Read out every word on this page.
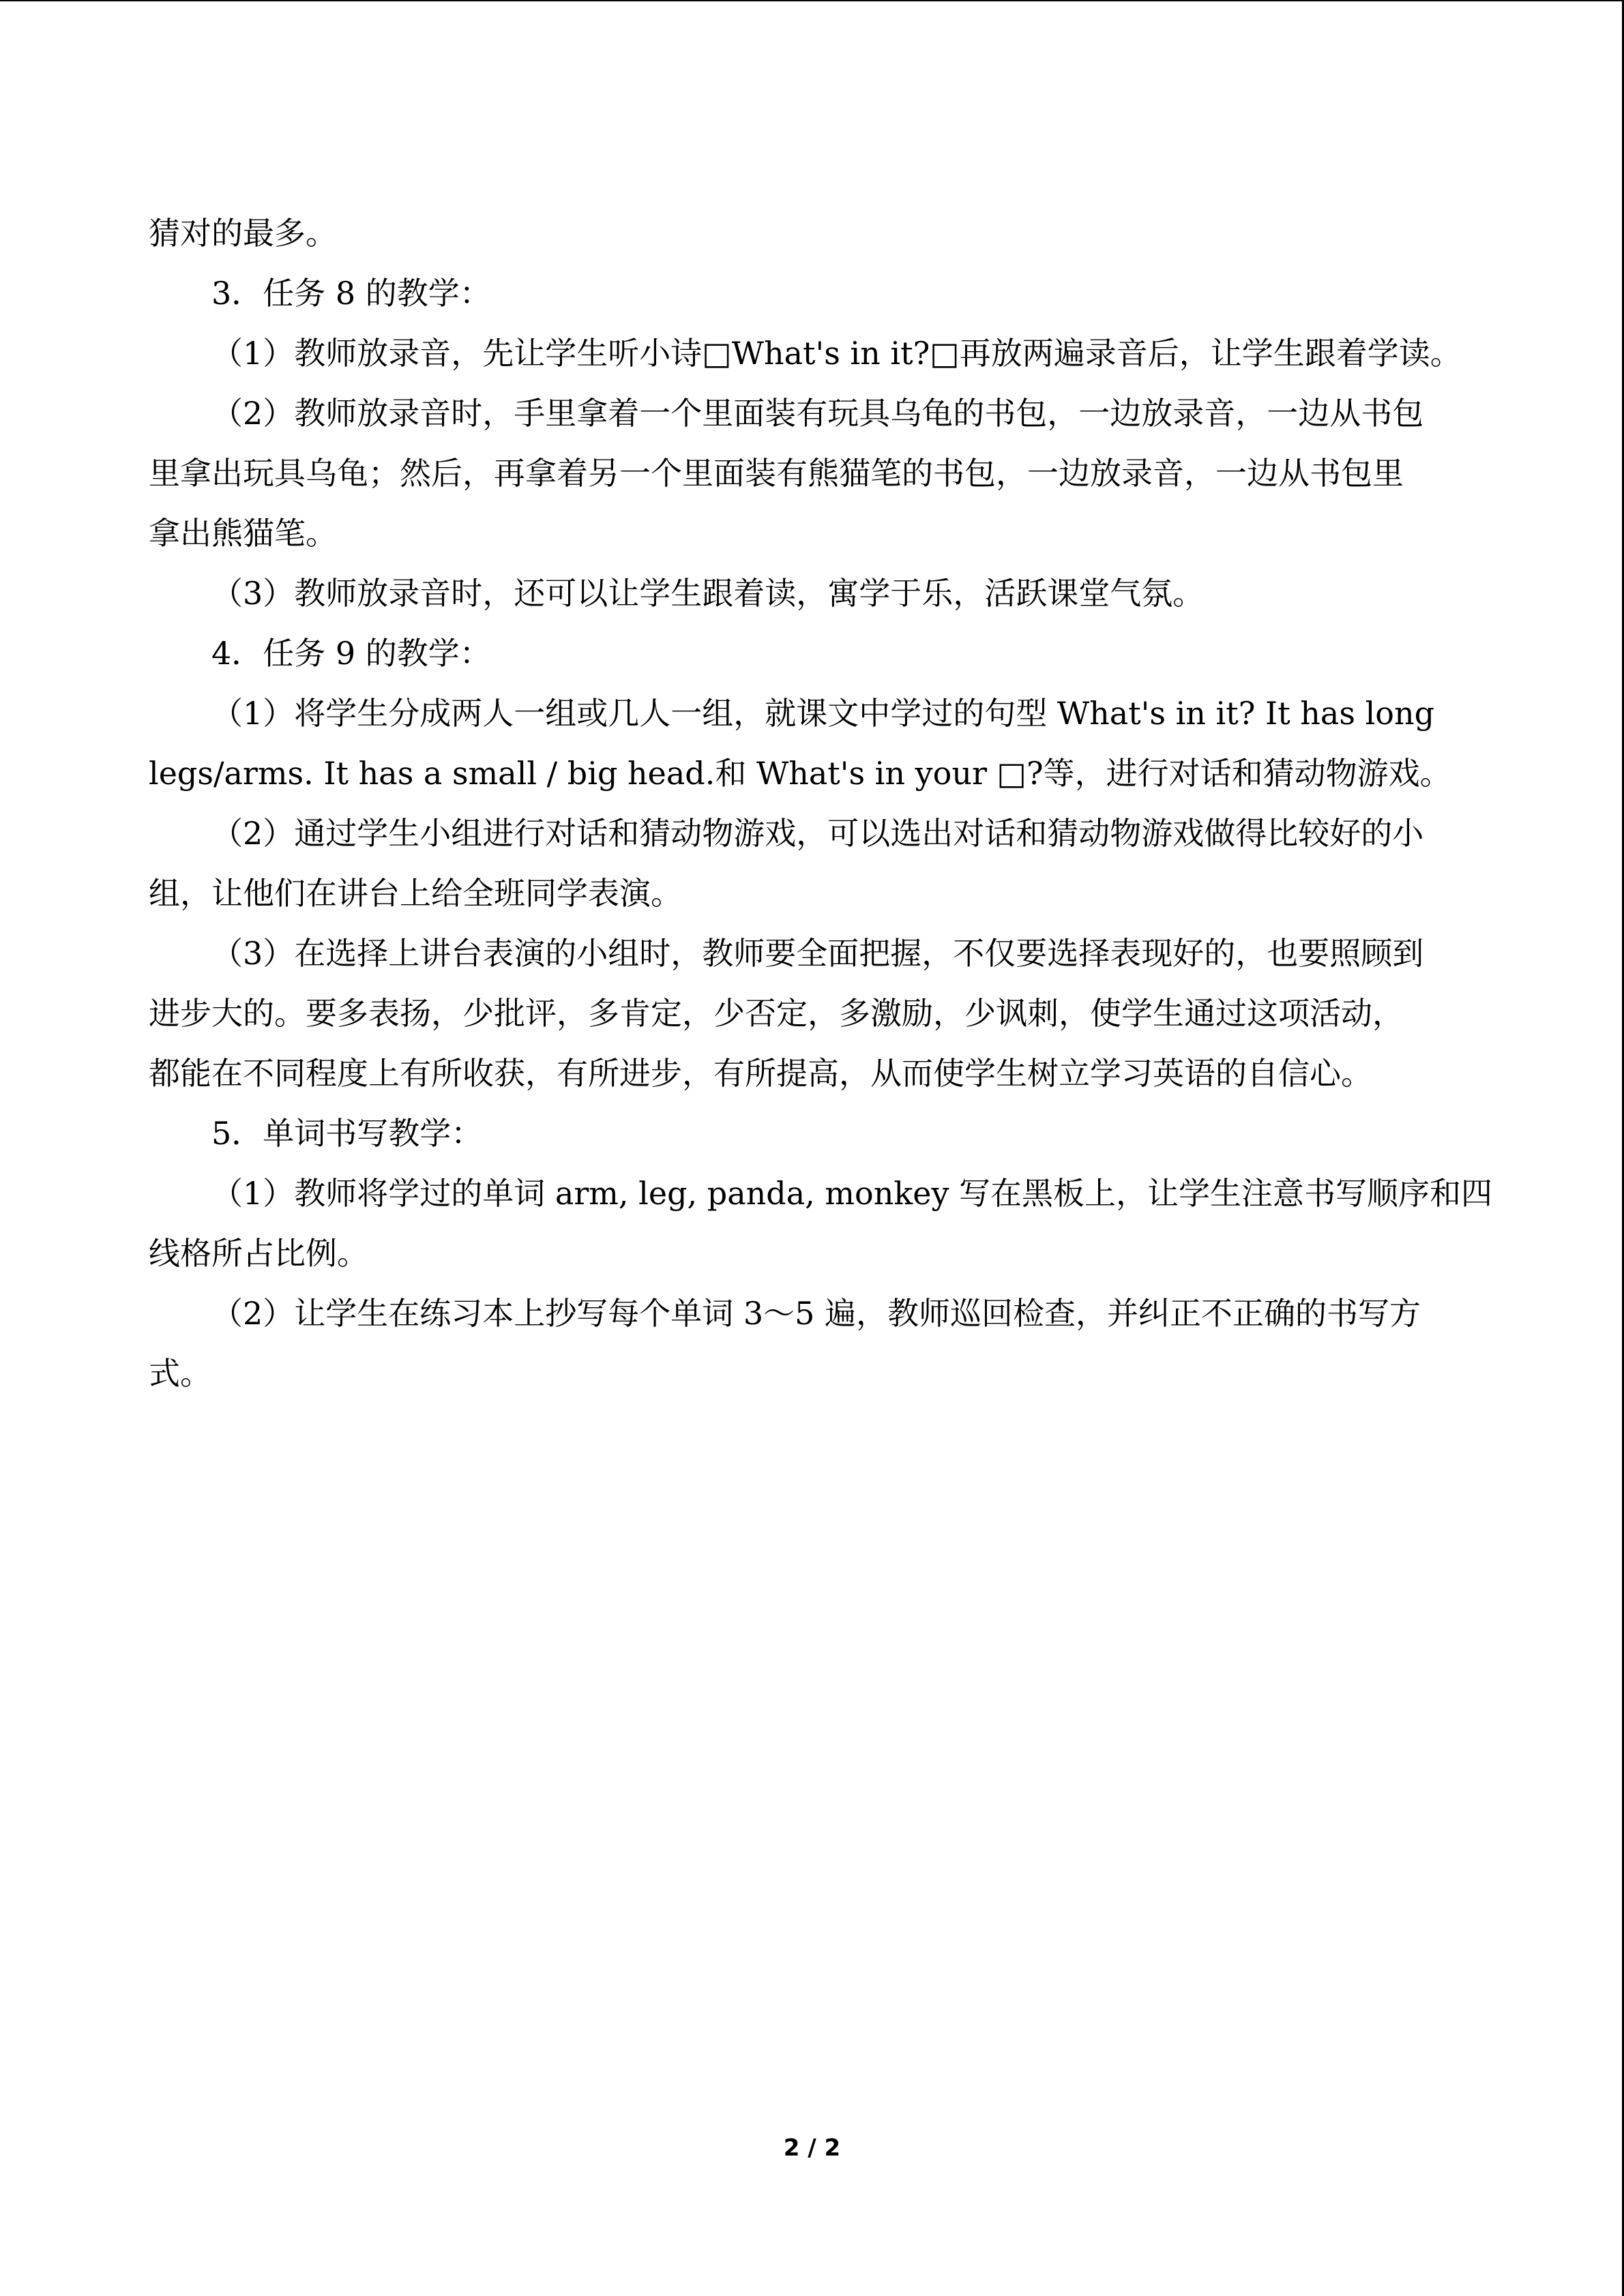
猜对的最多。
3．任务 8 的教学：
（1）教师放录音，先让学生听小诗□What's in it?□再放两遍录音后，让学生跟着学读。
（2）教师放录音时，手里拿着一个里面装有玩具乌龟的书包，一边放录音，一边从书包
里拿出玩具乌龟；然后，再拿着另一个里面装有熊猫笔的书包，一边放录音，一边从书包里
拿出熊猫笔。
（3）教师放录音时，还可以让学生跟着读，寓学于乐，活跃课堂气氛。
4．任务 9 的教学：
（1）将学生分成两人一组或几人一组，就课文中学过的句型 What's in it? It has long
legs/arms. It has a small / big head.和 What's in your □?等，进行对话和猜动物游戏。
（2）通过学生小组进行对话和猜动物游戏，可以选出对话和猜动物游戏做得比较好的小
组，让他们在讲台上给全班同学表演。
（3）在选择上讲台表演的小组时，教师要全面把握，不仅要选择表现好的，也要照顾到
进步大的。要多表扬，少批评，多肯定，少否定，多激励，少讽刺，使学生通过这项活动，
都能在不同程度上有所收获，有所进步，有所提高，从而使学生树立学习英语的自信心。
5．单词书写教学：
（1）教师将学过的单词 arm, leg, panda, monkey 写在黑板上，让学生注意书写顺序和四
线格所占比例。
（2）让学生在练习本上抄写每个单词 3～5 遍，教师巡回检查，并纠正不正确的书写方
式。
2 / 2
